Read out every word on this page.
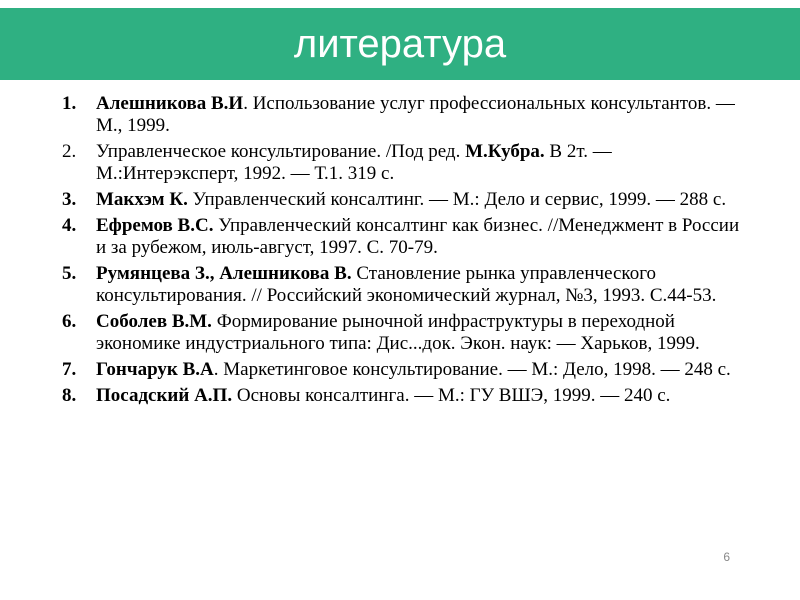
литература
1.	Алешникова В.И. Использование услуг профессиональных консультантов. — М., 1999.
2.	Управленческое консультирование. /Под ред. М.Кубра. В 2т. — М.:Интерэксперт, 1992. — Т.1. 319 с.
3.	Макхэм К. Управленческий консалтинг. — М.: Дело и сервис, 1999. — 288 с.
4.	Ефремов В.С. Управленческий консалтинг как бизнес. //Менеджмент в России и за рубежом, июль-август, 1997. С. 70-79.
5.	Румянцева З., Алешникова В. Становление рынка управленческого консультирования. // Российский экономический журнал, №3, 1993. С.44-53.
6.	Соболев В.М. Формирование рыночной инфраструктуры в переходной экономике индустриального типа: Дис...док. Экон. наук: — Харьков, 1999.
7.	Гончарук В.А. Маркетинговое консультирование. — М.: Дело, 1998. — 248 с.
8.	Посадский А.П. Основы консалтинга. — М.: ГУ ВШЭ, 1999. — 240 с.
6
